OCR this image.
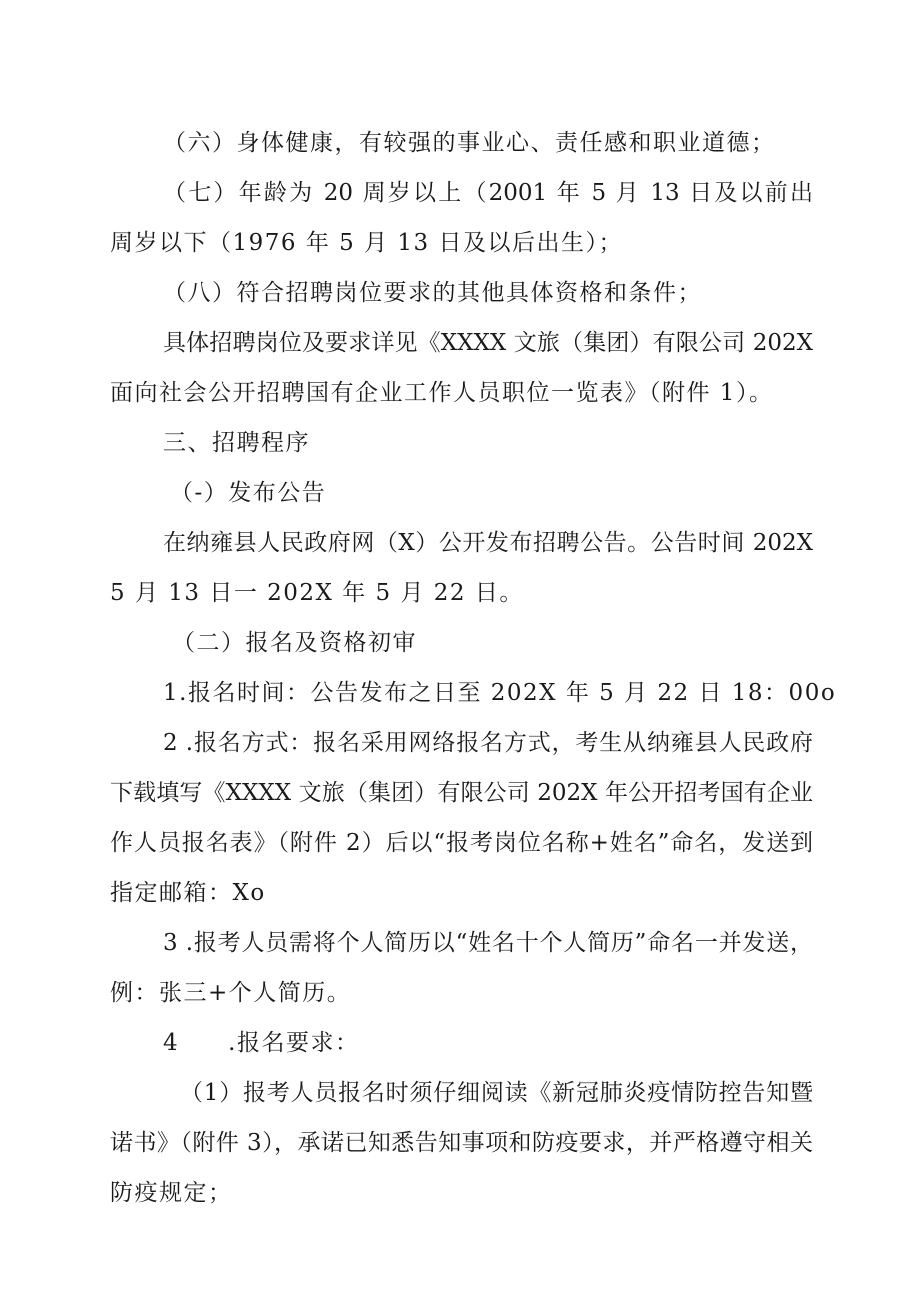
（六）身体健康，有较强的事业心、责任感和职业道德；

（七）年龄为 20 周岁以上（2001 年 5 月 13 日及以前出

周岁以下（1976 年 5 月 13 日及以后出生）；

（八）符合招聘岗位要求的其他具体资格和条件；

具体招聘岗位及要求详见《XXXX 文旅（集团）有限公司 202X

面向社会公开招聘国有企业工作人员职位一览表》（附件 1）。

三、招聘程序

（-）发布公告

在纳雍县人民政府网（X）公开发布招聘公告。公告时间 202X

5 月 13 日一 202X 年 5 月 22 日。

（二）报名及资格初审

1.报名时间：公告发布之日至 202X 年 5 月 22 日 18：00o

2 .报名方式：报名采用网络报名方式，考生从纳雍县人民政府

下载填写《XXXX 文旅（集团）有限公司 202X 年公开招考国有企业

作人员报名表》（附件 2）后以“报考岗位名称+姓名”命名，发送到

指定邮箱：Xo

3 .报考人员需将个人简历以“姓名十个人简历”命名一并发送，

例：张三+个人简历。

4　　.报名要求：

（1）报考人员报名时须仔细阅读《新冠肺炎疫情防控告知暨

诺书》（附件 3），承诺已知悉告知事项和防疫要求，并严格遵守相关

防疫规定；
